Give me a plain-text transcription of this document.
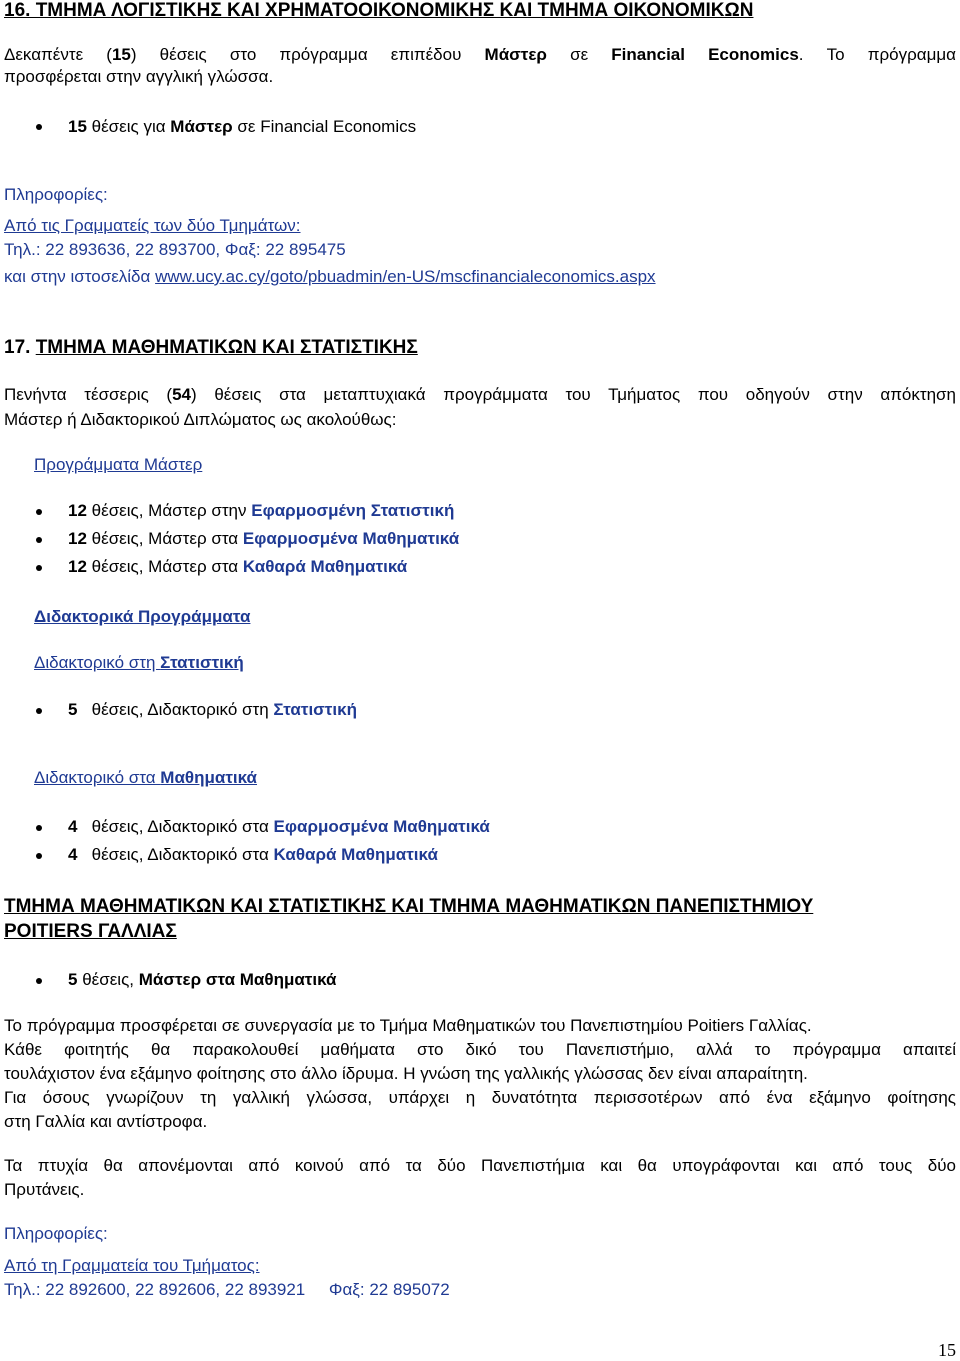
16. ΤΜΗΜΑ ΛΟΓΙΣΤΙΚΗΣ ΚΑΙ ΧΡΗΜΑΤΟΟΙΚΟΝΟΜΙΚΗΣ ΚΑΙ ΤΜΗΜΑ ΟΙΚΟΝΟΜΙΚΩΝ
Δεκαπέντε (15) θέσεις στο πρόγραμμα επιπέδου Μάστερ σε Financial Economics. Το πρόγραμμα
προσφέρεται στην αγγλική γλώσσα.
15 θέσεις για Μάστερ σε Financial Economics
Πληροφορίες:
Από τις Γραμματείς των δύο Τμημάτων:
Τηλ.: 22 893636, 22 893700, Φαξ: 22 895475
και στην ιστοσελίδα www.ucy.ac.cy/goto/pbuadmin/en-US/mscfinancialeconomics.aspx
17. ΤΜΗΜΑ ΜΑΘΗΜΑΤΙΚΩΝ ΚΑΙ ΣΤΑΤΙΣΤΙΚΗΣ
Πενήντα τέσσερις (54) θέσεις στα μεταπτυχιακά προγράμματα του Τμήματος που οδηγούν στην απόκτηση
Μάστερ ή Διδακτορικού Διπλώματος ως ακολούθως:
Προγράμματα Μάστερ
12 θέσεις, Μάστερ στην Εφαρμοσμένη Στατιστική
12 θέσεις, Μάστερ στα Εφαρμοσμένα Μαθηματικά
12 θέσεις, Μάστερ στα Καθαρά Μαθηματικά
Διδακτορικά Προγράμματα
Διδακτορικό στη Στατιστική
5 θέσεις, Διδακτορικό στη Στατιστική
Διδακτορικό στα Μαθηματικά
4 θέσεις, Διδακτορικό στα Εφαρμοσμένα Μαθηματικά
4 θέσεις, Διδακτορικό στα Καθαρά Μαθηματικά
ΤΜΗΜΑ ΜΑΘΗΜΑΤΙΚΩΝ ΚΑΙ ΣΤΑΤΙΣΤΙΚΗΣ ΚΑΙ ΤΜΗΜΑ ΜΑΘΗΜΑΤΙΚΩΝ ΠΑΝΕΠΙΣΤΗΜΙΟΥ
POITIERS ΓΑΛΛΙΑΣ
5 θέσεις, Μάστερ στα Μαθηματικά
Το πρόγραμμα προσφέρεται σε συνεργασία με το Τμήμα Μαθηματικών του Πανεπιστημίου Poitiers Γαλλίας.
Κάθε φοιτητής θα παρακολουθεί μαθήματα στο δικό του Πανεπιστήμιο, αλλά το πρόγραμμα απαιτεί
τουλάχιστον ένα εξάμηνο φοίτησης στο άλλο ίδρυμα. Η γνώση της γαλλικής γλώσσας δεν είναι απαραίτητη.
Για όσους γνωρίζουν τη γαλλική γλώσσα, υπάρχει η δυνατότητα περισσοτέρων από ένα εξάμηνο φοίτησης
στη Γαλλία και αντίστροφα.
Τα πτυχία θα απονέμονται από κοινού από τα δύο Πανεπιστήμια και θα υπογράφονται και από τους δύο
Πρυτάνεις.
Πληροφορίες:
Από τη Γραμματεία του Τμήματος:
Τηλ.: 22 892600, 22 892606, 22 893921 Φαξ: 22 895072
15
